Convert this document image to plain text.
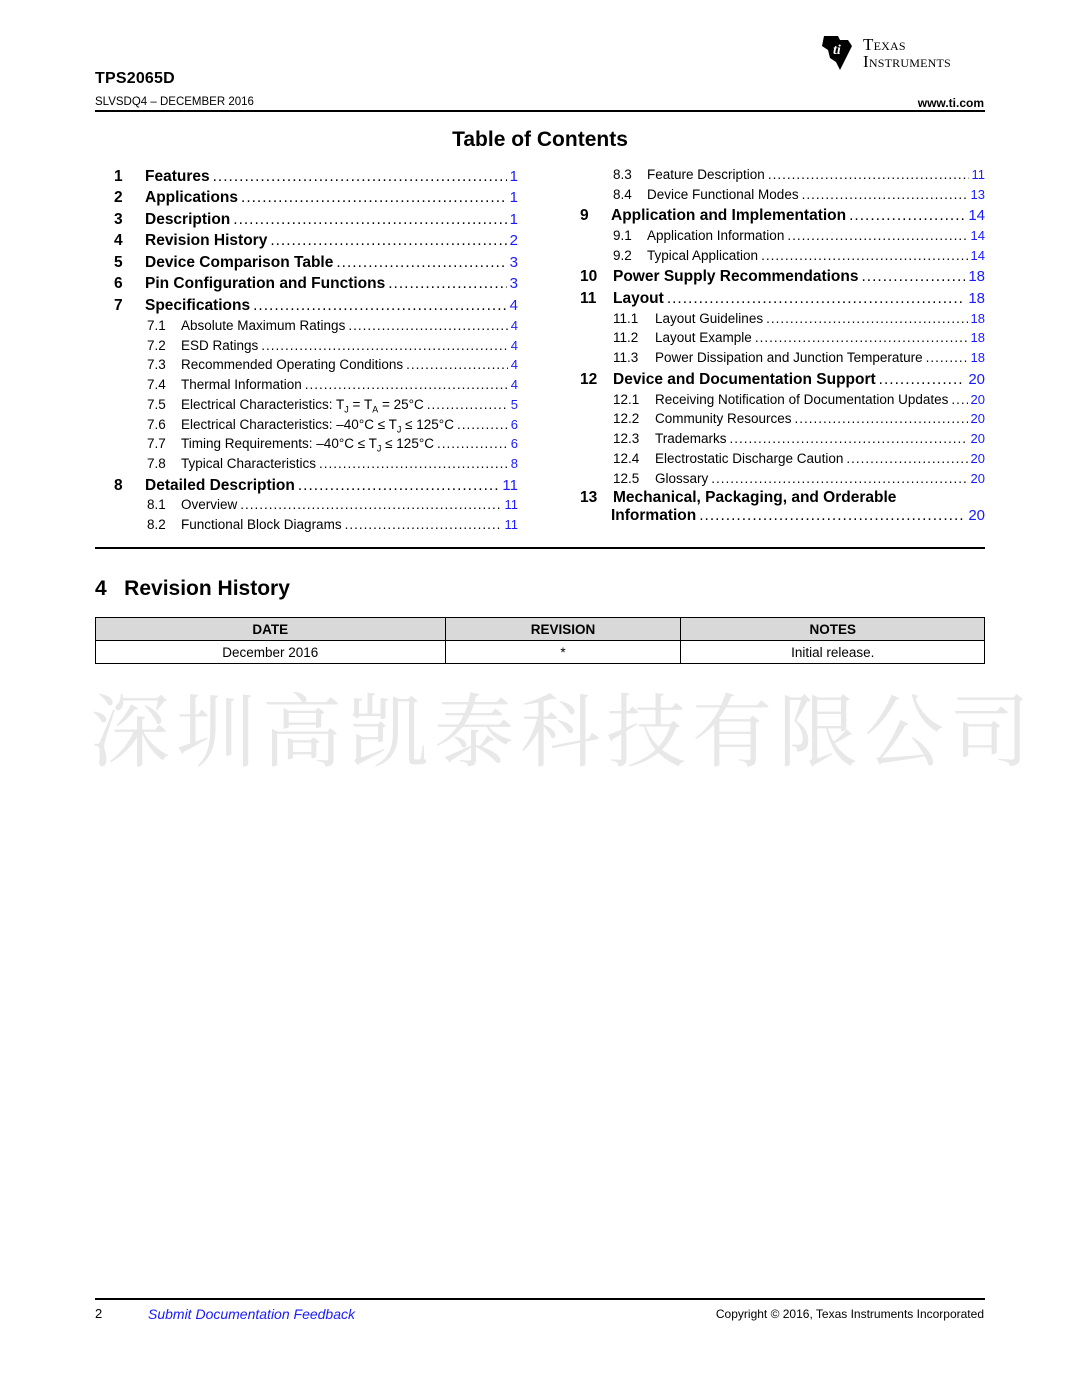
ti Texas
Instruments
TPS2065D
SLVSDQ4 – DECEMBER 2016	www.ti.com
Table of Contents
1 Features .....	1
2 Applications .....	1
3 Description .....	1
4 Revision History .....	2
5 Device Comparison Table .....	3
6 Pin Configuration and Functions .....	3
7 Specifications .....	4
7.1 Absolute Maximum Ratings .....	4
7.2 ESD Ratings .....	4
7.3 Recommended Operating Conditions .....	4
7.4 Thermal Information .....	4
7.5 Electrical Characteristics: $T_J = T_A = 25^\circ C$ .....	5
7.6 Electrical Characteristics: $-40^\circ C \le T_J \le 125^\circ C$ .....	6
7.7 Timing Requirements: $-40^\circ C \le T_J \le 125^\circ C$ .....	6
7.8 Typical Characteristics .....	8
8 Detailed Description .....	11
8.1 Overview .....	11
8.2 Functional Block Diagrams .....	11
8.3 Feature Description .....	11
8.4 Device Functional Modes .....	13
9 Application and Implementation .....	14
9.1 Application Information .....	14
9.2 Typical Application .....	14
10 Power Supply Recommendations .....	18
11 Layout .....	18
11.1 Layout Guidelines .....	18
11.2 Layout Example .....	18
11.3 Power Dissipation and Junction Temperature .....	18
12 Device and Documentation Support .....	20
12.1 Receiving Notification of Documentation Updates ..... 20
12.2 Community Resources .....	20
12.3 Trademarks .....	20
12.4 Electrostatic Discharge Caution .....	20
12.5 Glossary .....	20
13 Mechanical, Packaging, and Orderable
Information .....	20
4   Revision History
DATE	REVISION	NOTES
December 2016	*	Initial release.
深圳高凯泰科技有限公司
2	Submit Documentation Feedback	Copyright © 2016, Texas Instruments Incorporated
